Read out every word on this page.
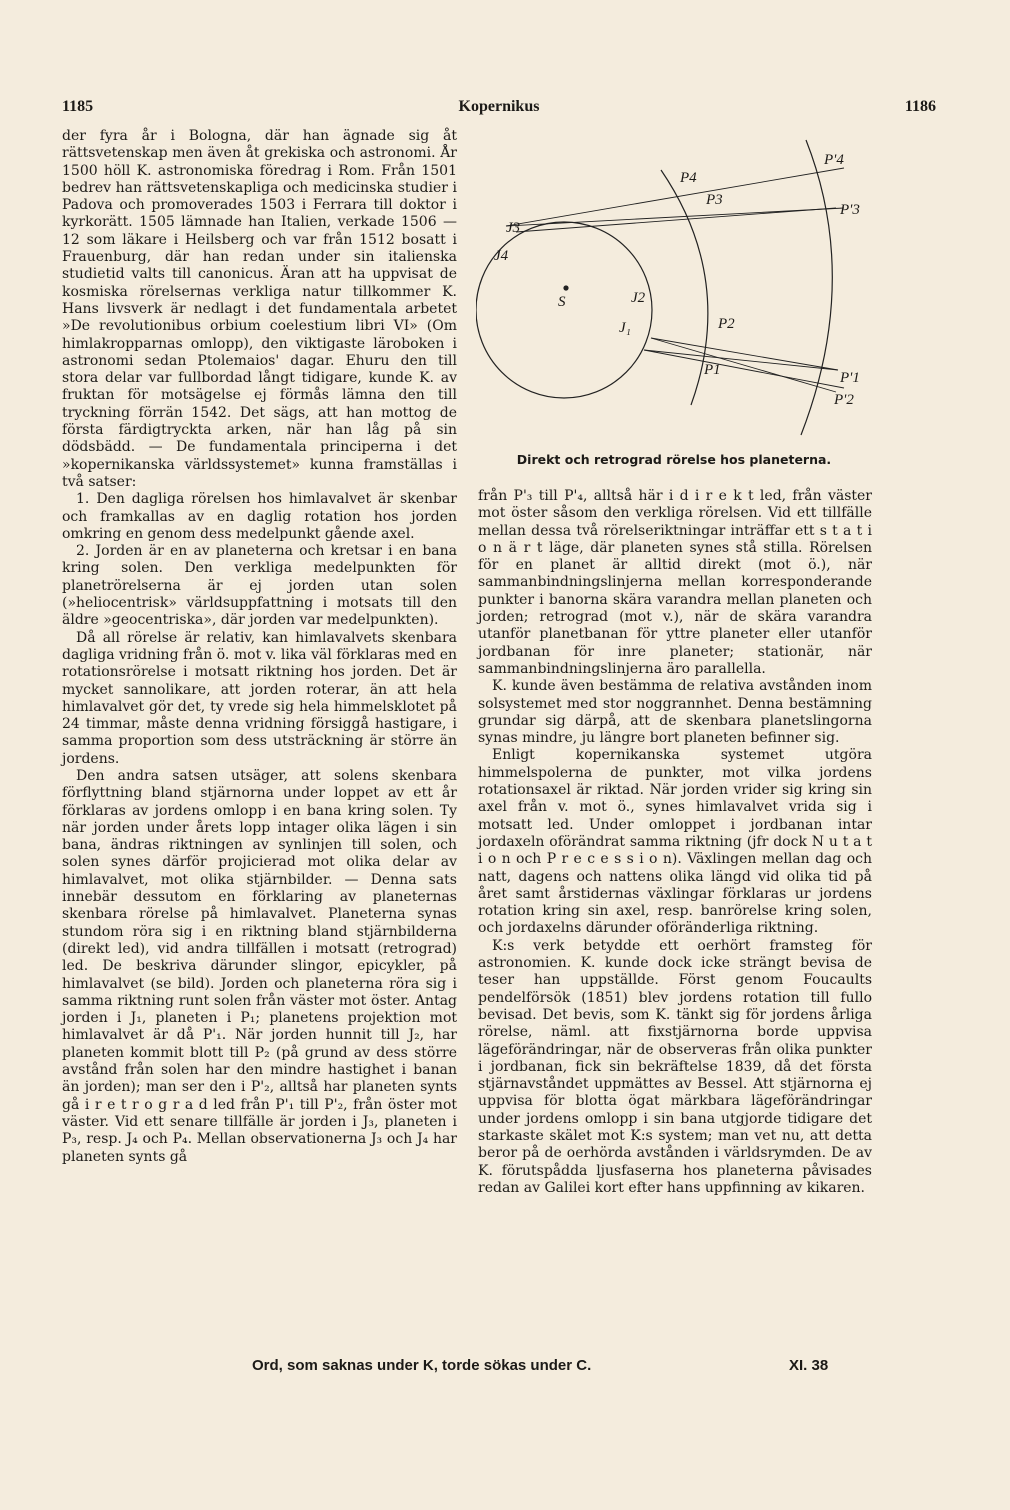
1185	Kopernikus	1186

der fyra år i Bologna, där han ägnade sig åt rättsvetenskap men även åt grekiska och astronomi. År 1500 höll K. astronomiska föredrag i Rom. Från 1501 bedrev han rättsvetenskapliga och medicinska studier i Padova och promoverades 1503 i Ferrara till doktor i kyrkorätt. 1505 lämnade han Italien, verkade 1506 —12 som läkare i Heilsberg och var från 1512 bosatt i Frauenburg, där han redan under sin italienska studietid valts till canonicus. Äran att ha uppvisat de kosmiska rörelsernas verkliga natur tillkommer K. Hans livsverk är nedlagt i det fundamentala arbetet »De revolutionibus orbium coelestium libri VI» (Om himlakropparnas omlopp), den viktigaste läroboken i astronomi sedan Ptolemaios' dagar. Ehuru den till stora delar var fullbordad långt tidigare, kunde K. av fruktan för motsägelse ej förmås lämna den till tryckning förrän 1542. Det sägs, att han mottog de första färdigtryckta arken, när han låg på sin dödsbädd. — De fundamentala principerna i det »kopernikanska världssystemet» kunna framställas i två satser:

1. Den dagliga rörelsen hos himlavalvet är skenbar och framkallas av en daglig rotation hos jorden omkring en genom dess medelpunkt gående axel.

2. Jorden är en av planeterna och kretsar i en bana kring solen. Den verkliga medelpunkten för planetrörelserna är ej jorden utan solen (»heliocentrisk» världsuppfattning i motsats till den äldre »geocentriska», där jorden var medelpunkten).

Då all rörelse är relativ, kan himlavalvets skenbara dagliga vridning från ö. mot v. lika väl förklaras med en rotationsrörelse i motsatt riktning hos jorden. Det är mycket sannolikare, att jorden roterar, än att hela himlavalvet gör det, ty vrede sig hela himmelsklotet på 24 timmar, måste denna vridning försiggå hastigare, i samma proportion som dess utsträckning är större än jordens.

Den andra satsen utsäger, att solens skenbara förflyttning bland stjärnorna under loppet av ett år förklaras av jordens omlopp i en bana kring solen. Ty när jorden under årets lopp intager olika lägen i sin bana, ändras riktningen av synlinjen till solen, och solen synes därför projicierad mot olika delar av himlavalvet, mot olika stjärnbilder. — Denna sats innebär dessutom en förklaring av planeternas skenbara rörelse på himlavalvet. Planeterna synas stundom röra sig i en riktning bland stjärnbilderna (direkt led), vid andra tillfällen i motsatt (retrograd) led. De beskriva därunder slingor, epicykler, på himlavalvet (se bild). Jorden och planeterna röra sig i samma riktning runt solen från väster mot öster. Antag jorden i J₁, planeten i P₁; planetens projektion mot himlavalvet är då P'₁. När jorden hunnit till J₂, har planeten kommit blott till P₂ (på grund av dess större avstånd från solen har den mindre hastighet i banan än jorden); man ser den i P'₂, alltså har planeten synts gå i r e t r o g r a d led från P'₁ till P'₂, från öster mot väster. Vid ett senare tillfälle är jorden i J₃, planeten i P₃, resp. J₄ och P₄. Mellan observationerna J₃ och J₄ har planeten synts gå

S
J₁
J2
J3
J4
P1
P2
P3
P4
P'1
P'2
P'3
P'4
Direkt och retrograd rörelse hos planeterna.

från P'₃ till P'₄, alltså här i d i r e k t led, från väster mot öster såsom den verkliga rörelsen. Vid ett tillfälle mellan dessa två rörelseriktningar inträffar ett s t a t i o n ä r t läge, där planeten synes stå stilla. Rörelsen för en planet är alltid direkt (mot ö.), när sammanbindningslinjerna mellan korresponderande punkter i banorna skära varandra mellan planeten och jorden; retrograd (mot v.), när de skära varandra utanför planetbanan för yttre planeter eller utanför jordbanan för inre planeter; stationär, när sammanbindningslinjerna äro parallella.

K. kunde även bestämma de relativa avstånden inom solsystemet med stor noggrannhet. Denna bestämning grundar sig därpå, att de skenbara planetslingorna synas mindre, ju längre bort planeten befinner sig.

Enligt kopernikanska systemet utgöra himmelspolerna de punkter, mot vilka jordens rotationsaxel är riktad. När jorden vrider sig kring sin axel från v. mot ö., synes himlavalvet vrida sig i motsatt led. Under omloppet i jordbanan intar jordaxeln oförändrat samma riktning (jfr dock N u t a t i o n och P r e c e s s i o n). Växlingen mellan dag och natt, dagens och nattens olika längd vid olika tid på året samt årstidernas växlingar förklaras ur jordens rotation kring sin axel, resp. banrörelse kring solen, och jordaxelns därunder oföränderliga riktning.

K:s verk betydde ett oerhört framsteg för astronomien. K. kunde dock icke strängt bevisa de teser han uppställde. Först genom Foucaults pendelförsök (1851) blev jordens rotation till fullo bevisad. Det bevis, som K. tänkt sig för jordens årliga rörelse, näml. att fixstjärnorna borde uppvisa lägeförändringar, när de observeras från olika punkter i jordbanan, fick sin bekräftelse 1839, då det första stjärnavståndet uppmättes av Bessel. Att stjärnorna ej uppvisa för blotta ögat märkbara lägeförändringar under jordens omlopp i sin bana utgjorde tidigare det starkaste skälet mot K:s system; man vet nu, att detta beror på de oerhörda avstånden i världsrymden. De av K. förutspådda ljusfaserna hos planeterna påvisades redan av Galilei kort efter hans uppfinning av kikaren.

Ord, som saknas under K, torde sökas under C.	XI. 38
